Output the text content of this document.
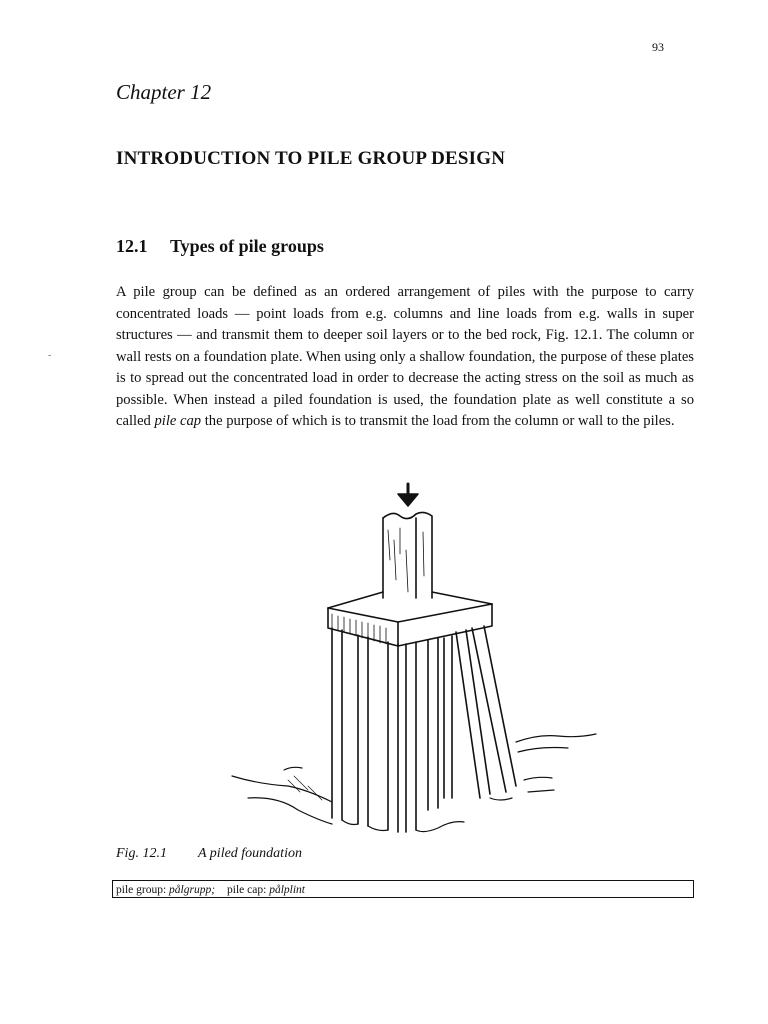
93
-
Chapter 12
INTRODUCTION TO PILE GROUP DESIGN
12.1 Types of pile groups

A pile group can be defined as an ordered arrangement of piles with the purpose to carry concentrated loads — point loads from e.g. columns and line loads from e.g. walls in super structures — and transmit them to deeper soil layers or to the bed rock, Fig. 12.1. The column or wall rests on a foundation plate. When using only a shallow foundation, the purpose of these plates is to spread out the concentrated load in order to decrease the acting stress on the soil as much as possible. When instead a piled foundation is used, the foundation plate as well constitute a so called pile cap the purpose of which is to transmit the load from the column or wall to the piles.

Fig. 12.1 A piled foundation
pile group: pålgrupp; pile cap: pålplint
